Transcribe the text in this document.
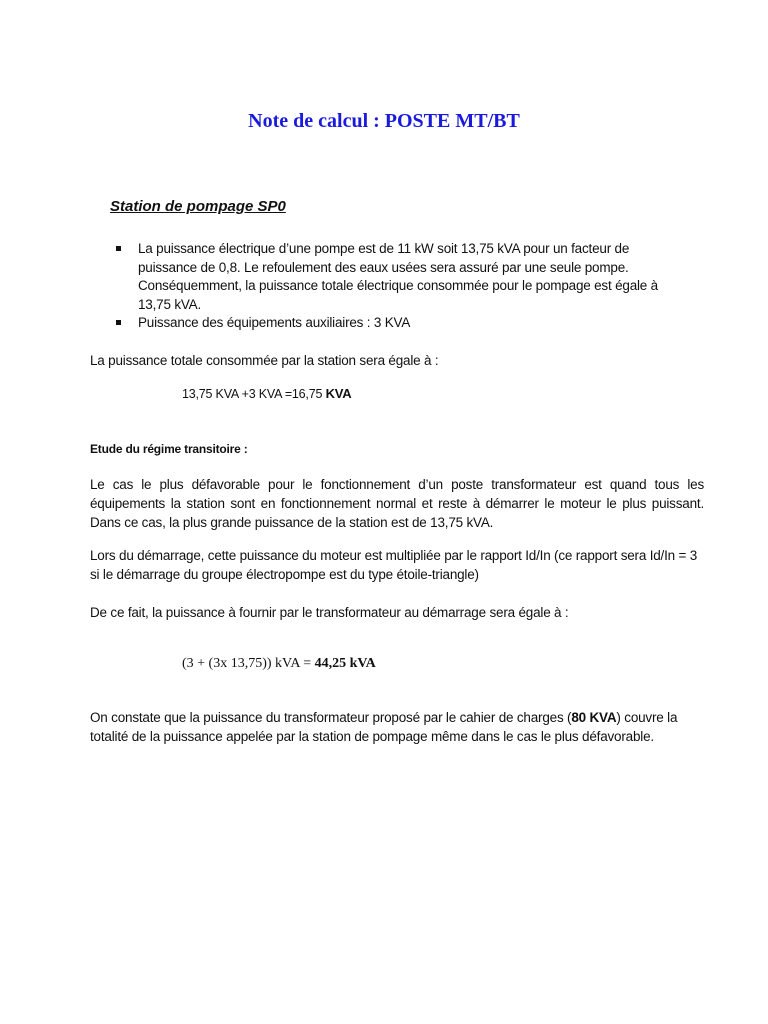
Note de calcul : POSTE MT/BT
Station de pompage SP0
La puissance électrique d’une pompe est de 11 kW soit 13,75 kVA pour un facteur de puissance de 0,8. Le refoulement des eaux usées sera assuré par une seule pompe. Conséquemment, la puissance totale électrique consommée pour le pompage est égale à 13,75 kVA.
Puissance des équipements auxiliaires : 3 KVA

La puissance totale consommée par la station sera égale à :

13,75 KVA +3 KVA =16,75 KVA

Etude du régime transitoire :

Le cas le plus défavorable pour le fonctionnement d’un poste transformateur est quand tous les équipements la station sont en fonctionnement normal et reste à démarrer le moteur le plus puissant. Dans ce cas, la plus grande puissance de la station est de 13,75 kVA.

Lors du démarrage, cette puissance du moteur est multipliée par le rapport Id/In (ce rapport sera Id/In = 3 si le démarrage du groupe électropompe est du type étoile-triangle)

De ce fait, la puissance à fournir par le transformateur au démarrage sera égale à :

(3 + (3x 13,75)) kVA = 44,25 kVA

On constate que la puissance du transformateur proposé par le cahier de charges (80 KVA) couvre la totalité de la puissance appelée par la station de pompage même dans le cas le plus défavorable.
